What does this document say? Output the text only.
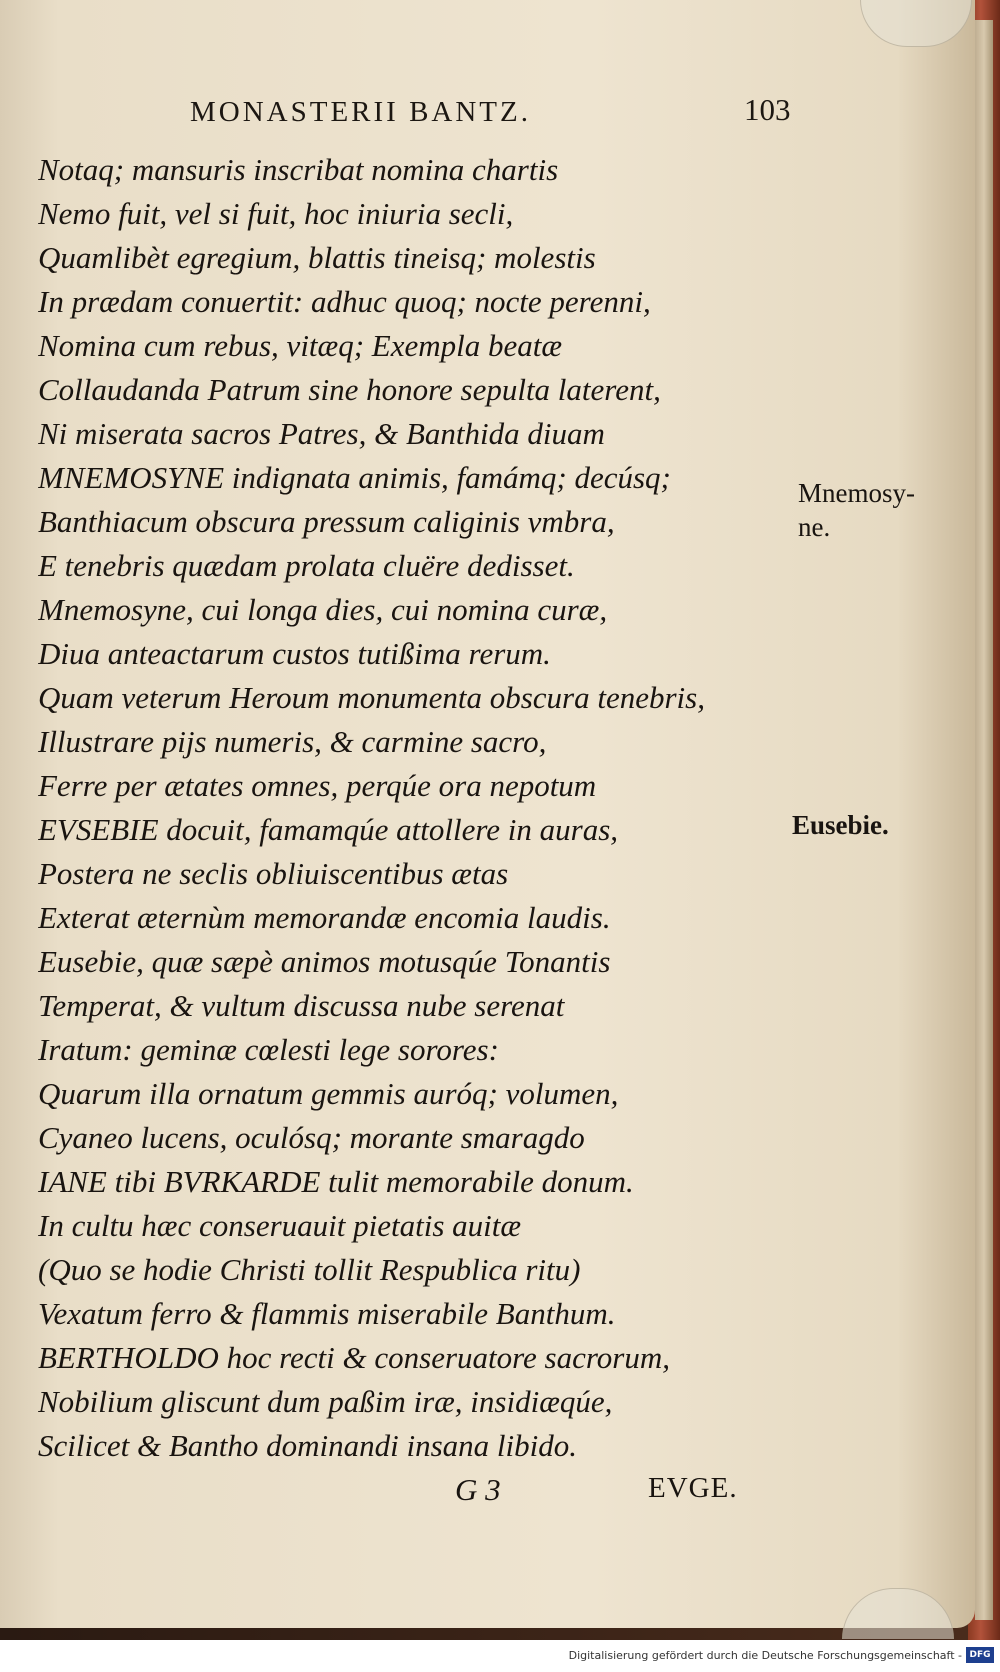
MONASTERII BANTZ.	103
Notaq; mansuris inscribat nomina chartis
Nemo fuit, vel si fuit, hoc iniuria secli,
Quamlibèt egregium, blattis tineisq; molestis
In prædam conuertit: adhuc quoq; nocte perenni,
Nomina cum rebus, vitæq; Exempla beatæ
Collaudanda Patrum sine honore sepulta laterent,
Ni miserata sacros Patres, & Banthida diuam
MNEMOSYNE indignata animis, famámq; decúsq;
Banthiacum obscura pressum caliginis vmbra,
E tenebris quædam prolata cluëre dedisset.
Mnemosyne, cui longa dies, cui nomina curæ,
Diua anteactarum custos tutißima rerum.
Quam veterum Heroum monumenta obscura tenebris,
Illustrare pijs numeris, & carmine sacro,
Ferre per ætates omnes, perqúe ora nepotum
EVSEBIE docuit, famamqúe attollere in auras,
Postera ne seclis obliuiscentibus ætas
Exterat æternùm memorandæ encomia laudis.
Eusebie, quæ sæpè animos motusqúe Tonantis
Temperat, & vultum discussa nube serenat
Iratum: geminæ cœlesti lege sorores:
Quarum illa ornatum gemmis auróq; volumen,
Cyaneo lucens, oculósq; morante smaragdo
IANE tibi BVRKARDE tulit memorabile donum.
In cultu hæc conseruauit pietatis auitæ
(Quo se hodie Christi tollit Respublica ritu)
Vexatum ferro & flammis miserabile Banthum.
BERTHOLDO hoc recti & conseruatore sacrorum,
Nobilium gliscunt dum paßim iræ, insidiæqúe,
Scilicet & Bantho dominandi insana libido.
Mnemosy-
ne.
Eusebie.
G 3	EVGE.
Digitalisierung gefördert durch die Deutsche Forschungsgemeinschaft - DFG
